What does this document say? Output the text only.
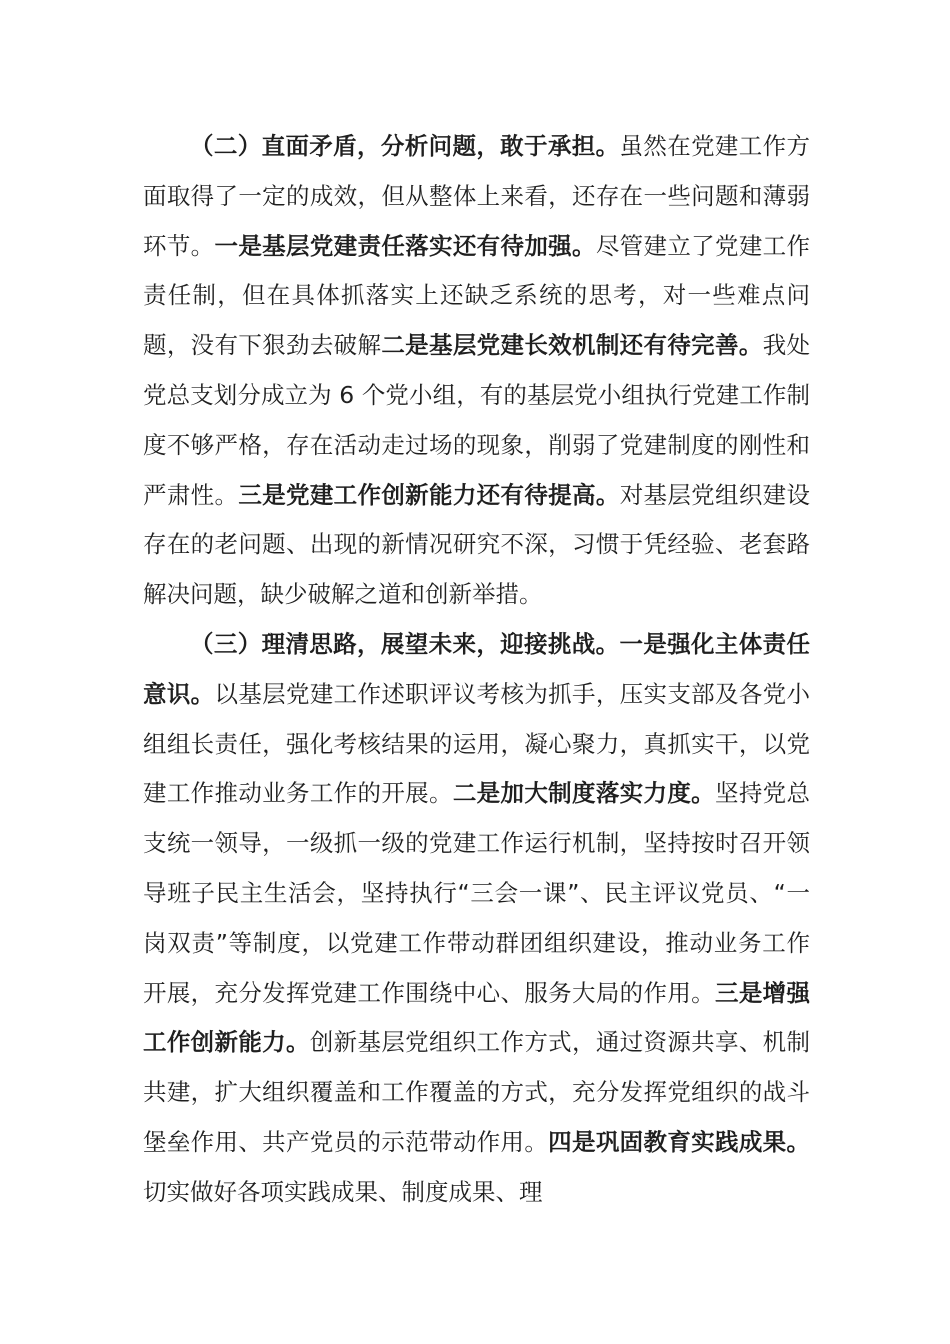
（二）直面矛盾，分析问题，敢于承担。虽然在党建工作方面取得了一定的成效，但从整体上来看，还存在一些问题和薄弱环节。一是基层党建责任落实还有待加强。尽管建立了党建工作责任制，但在具体抓落实上还缺乏系统的思考，对一些难点问题，没有下狠劲去破解二是基层党建长效机制还有待完善。我处党总支划分成立为 6 个党小组，有的基层党小组执行党建工作制度不够严格，存在活动走过场的现象，削弱了党建制度的刚性和严肃性。三是党建工作创新能力还有待提高。对基层党组织建设存在的老问题、出现的新情况研究不深，习惯于凭经验、老套路解决问题，缺少破解之道和创新举措。

（三）理清思路，展望未来，迎接挑战。一是强化主体责任意识。以基层党建工作述职评议考核为抓手，压实支部及各党小组组长责任，强化考核结果的运用，凝心聚力，真抓实干，以党建工作推动业务工作的开展。二是加大制度落实力度。坚持党总支统一领导，一级抓一级的党建工作运行机制，坚持按时召开领导班子民主生活会，坚持执行“三会一课”、民主评议党员、“一岗双责”等制度，以党建工作带动群团组织建设，推动业务工作开展，充分发挥党建工作围绕中心、服务大局的作用。三是增强工作创新能力。创新基层党组织工作方式，通过资源共享、机制共建，扩大组织覆盖和工作覆盖的方式，充分发挥党组织的战斗堡垒作用、共产党员的示范带动作用。四是巩固教育实践成果。切实做好各项实践成果、制度成果、理
